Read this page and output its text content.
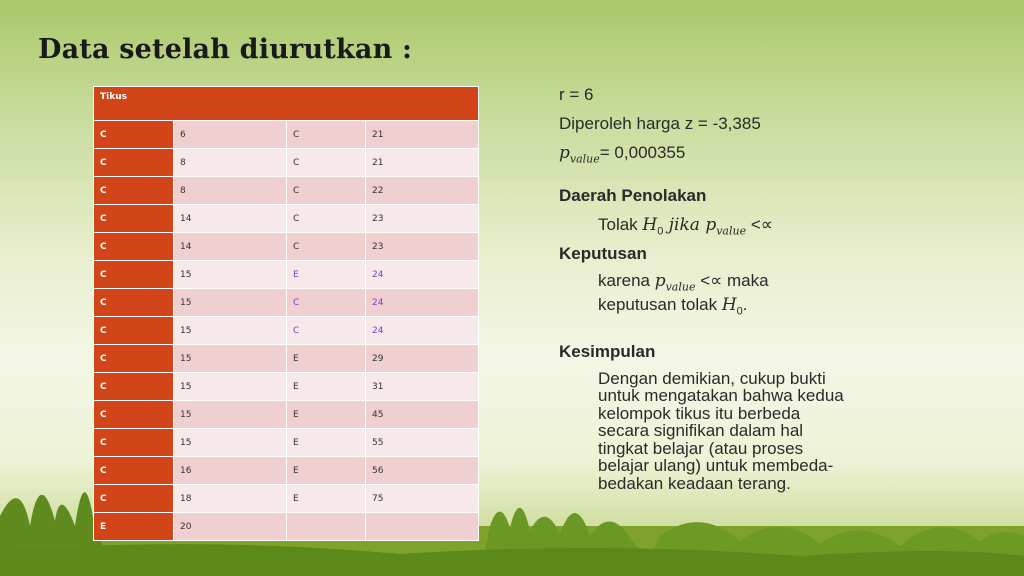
Data setelah diurutkan :
Tikus			
C	6	C	21
C	8	C	21
C	8	C	22
C	14	C	23
C	14	C	23
C	15	E	24
C	15	C	24
C	15	C	24
C	15	E	29
C	15	E	31
C	15	E	45
C	15	E	55
C	16	E	56
C	18	E	75
E	20		

r = 6

Diperoleh harga z = -3,385

$p_{value}= 0,000355$

Daerah Penolakan

Tolak $H_0$ jika $p_{value}$ <∝

Keputusan

karena $p_{value}$ <∝ maka
keputusan tolak $H_0$.

Kesimpulan

Dengan demikian, cukup bukti
untuk mengatakan bahwa kedua
kelompok tikus itu berbeda
secara signifikan dalam hal
tingkat belajar (atau proses
belajar ulang) untuk membeda-
bedakan keadaan terang.
